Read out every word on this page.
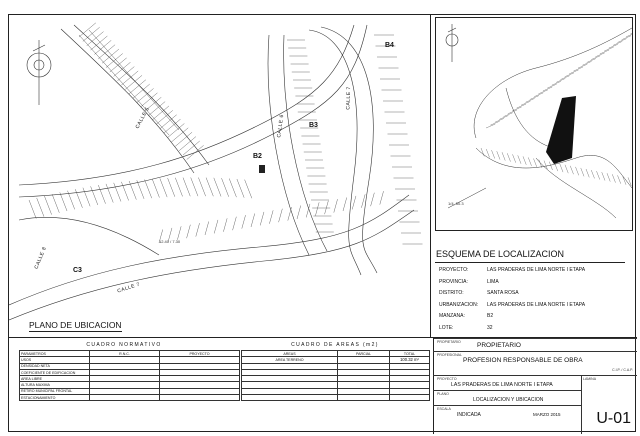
12.40 / 7.30
CALLE 5	CALLE 6
CALLE 7
CALLE 8
CALLE 7
B4
B3
B2
C3
PLANO DE UBICACION
1/4, 50.3
ESQUEMA DE LOCALIZACION
PROYECTO:	LAS PRADERAS DE LIMA NORTE I ETAPA
PROVINCIA:	LIMA
DISTRITO:	SANTA ROSA
URBANIZACION:	LAS PRADERAS DE LIMA NORTE I ETAPA
MANZANA:	B2
LOTE:	32
CUADRO NORMATIVO
PARAMETROS	R.N.C.	PROYECTO
USOS		
DENSIDAD NETA		
COEFICIENTE DE EDIFICACION		
AREA LIBRE		
ALTURA MAXIMA		
RETIRO MUNICIPAL FRONTAL		
ESTACIONAMIENTO		
CUADRO DE AREAS (m2)
AREAS	PARCIAL	TOTAL
AREA TERRENO		100.32 m²

PROPIETARIO	PROPIETARIO
PROFESIONAL
PROFESION RESPONSABLE DE OBRA
C.I.P. / C.A.P.
PROYECTO
LAS PRADERAS DE LIMA NORTE I ETAPA
LAMINA
PLANO
LOCALIZACION Y UBICACION
ESCALA
INDICADA	MARZO 2015 U-01
